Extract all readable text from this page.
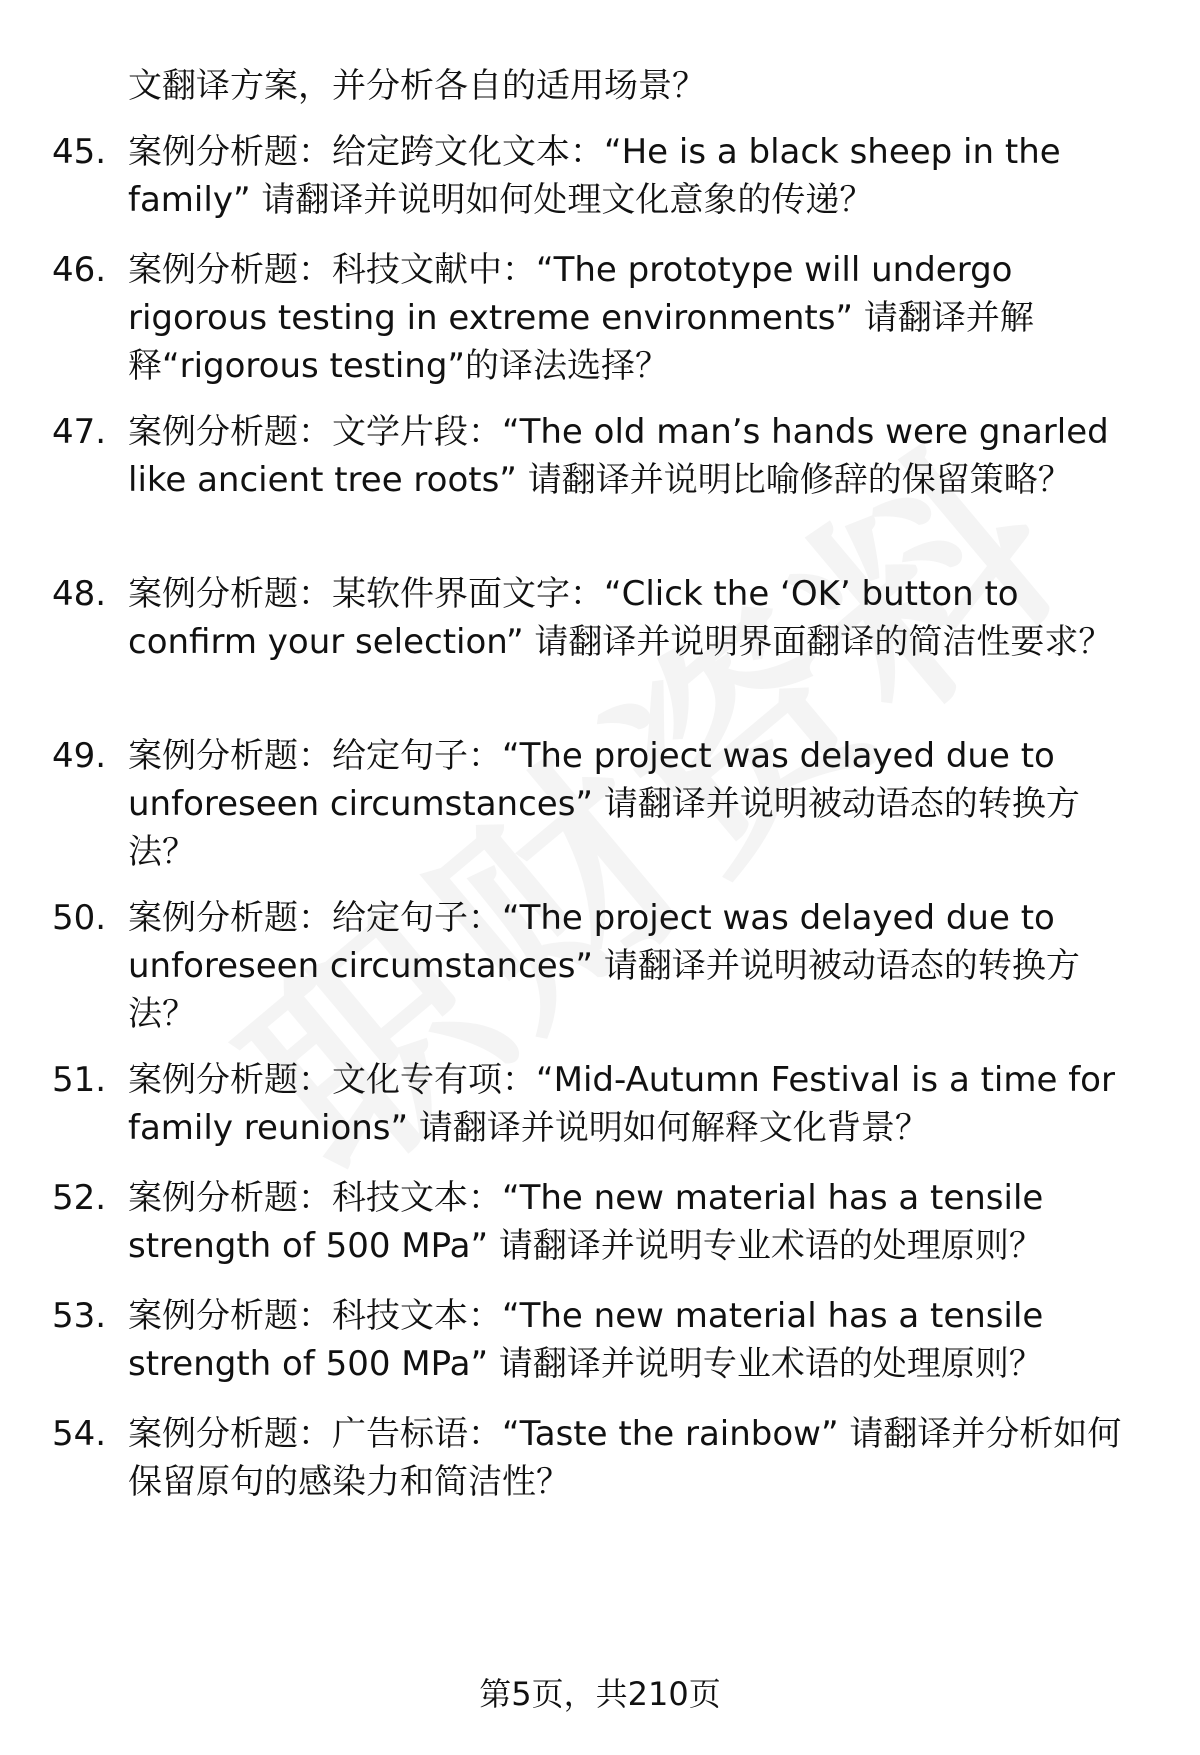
文翻译方案，并分析各自的适用场景？
45. 案例分析题：给定跨文化文本：“He is a black sheep in the family” 请翻译并说明如何处理文化意象的传递？
46. 案例分析题：科技文献中：“The prototype will undergo rigorous testing in extreme environments” 请翻译并解释“rigorous testing”的译法选择？
47. 案例分析题：文学片段：“The old man’s hands were gnarled like ancient tree roots” 请翻译并说明比喻修辞的保留策略？
48. 案例分析题：某软件界面文字：“Click the ‘OK’ button to confirm your selection” 请翻译并说明界面翻译的简洁性要求？
49. 案例分析题：给定句子：“The project was delayed due to unforeseen circumstances” 请翻译并说明被动语态的转换方法？
50. 案例分析题：给定句子：“The project was delayed due to unforeseen circumstances” 请翻译并说明被动语态的转换方法？
51. 案例分析题：文化专有项：“Mid-Autumn Festival is a time for family reunions” 请翻译并说明如何解释文化背景？
52. 案例分析题：科技文本：“The new material has a tensile strength of 500 MPa” 请翻译并说明专业术语的处理原则？
53. 案例分析题：科技文本：“The new material has a tensile strength of 500 MPa” 请翻译并说明专业术语的处理原则？
54. 案例分析题：广告标语：“Taste the rainbow” 请翻译并分析如何保留原句的感染力和简洁性？
第5页，共210页
